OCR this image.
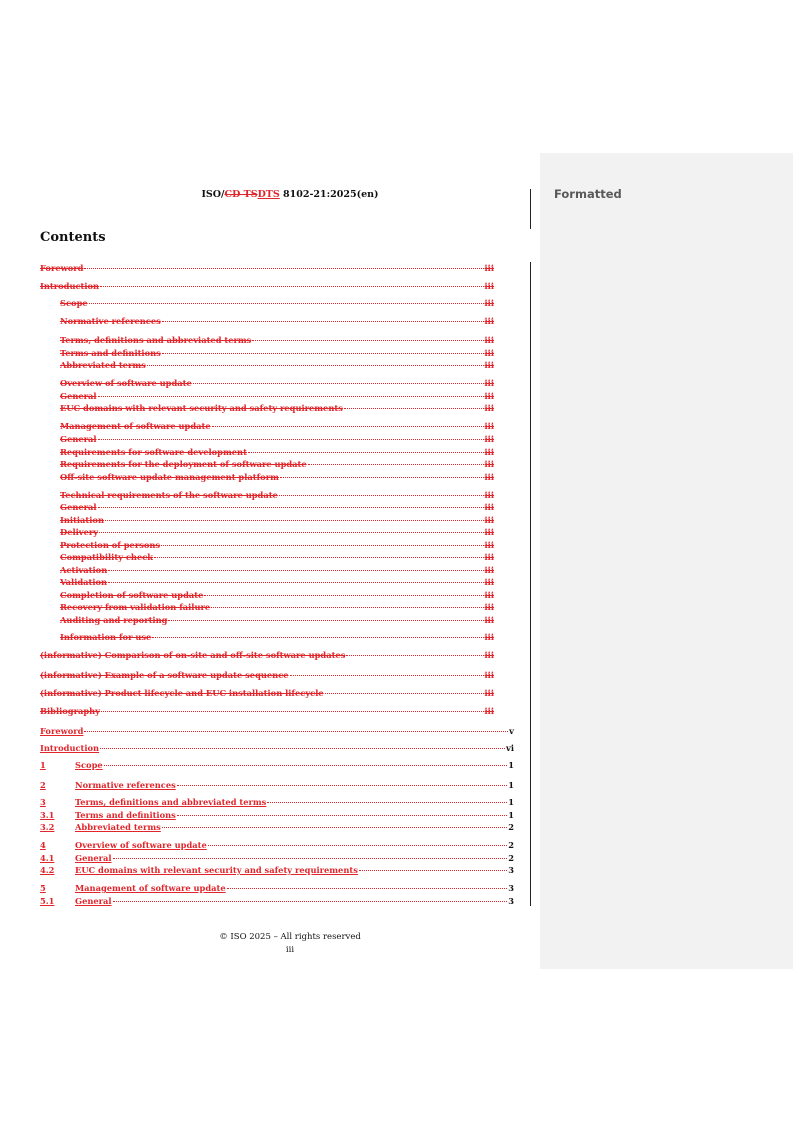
Formatted
ISO/CD TSDTS 8102-21:2025(en)
Contents
Foreword	iii
Introduction	iii
Scope	iii
Normative references	iii
Terms, definitions and abbreviated terms	iii
Terms and definitions	iii
Abbreviated terms	iii
Overview of software update	iii
General	iii
EUC domains with relevant security and safety requirements	iii
Management of software update	iii
General	iii
Requirements for software development	iii
Requirements for the deployment of software update	iii
Off-site software update management platform	iii
Technical requirements of the software update	iii
General	iii
Initiation	iii
Delivery	iii
Protection of persons	iii
Compatibility check	iii
Activation	iii
Validation	iii
Completion of software update	iii
Recovery from validation failure	iii
Auditing and reporting	iii
Information for use	iii
(informative) Comparison of on-site and off-site software updates	iii
(informative) Example of a software update sequence	iii
(informative) Product lifecycle and EUC installation lifecycle	iii
Bibliography	iii
Foreword	v
Introduction	vi
1	Scope	1
2	Normative references	1
3	Terms, definitions and abbreviated terms	1
3.1	Terms and definitions	1
3.2	Abbreviated terms	2
4	Overview of software update	2
4.1	General	2
4.2	EUC domains with relevant security and safety requirements	3
5	Management of software update	3
5.1	General	3
© ISO 2025 – All rights reserved
iii
